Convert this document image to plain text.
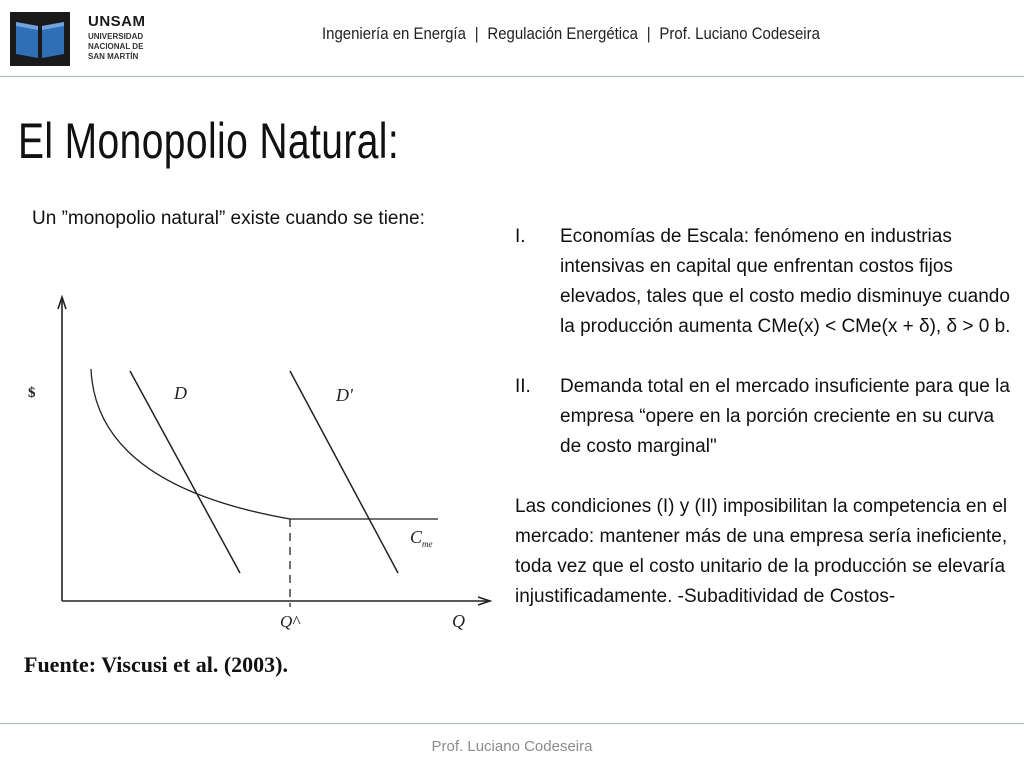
UNSAM
UNIVERSIDAD
NACIONAL DE
SAN MARTÍN
Ingeniería en Energía | Regulación Energética | Prof. Luciano Codeseira
El Monopolio Natural:
Un ”monopolio natural” existe cuando se tiene:
$	D	D'
$C_{me}$
Q^	Q
Fuente: Viscusi et al. (2003).
I.	Economías de Escala: fenómeno en industrias intensivas en capital que enfrentan costos fijos elevados, tales que el costo medio disminuye cuando la producción aumenta CMe(x) < CMe(x + δ), δ > 0 b.
II.	Demanda total en el mercado insuficiente para que la empresa “opere en la porción creciente en su curva de costo marginal"
Las condiciones (I) y (II) imposibilitan la competencia en el mercado: mantener más de una empresa sería ineficiente, toda vez que el costo unitario de la producción se elevaría injustificadamente. -Subaditividad de Costos-
Prof. Luciano Codeseira
